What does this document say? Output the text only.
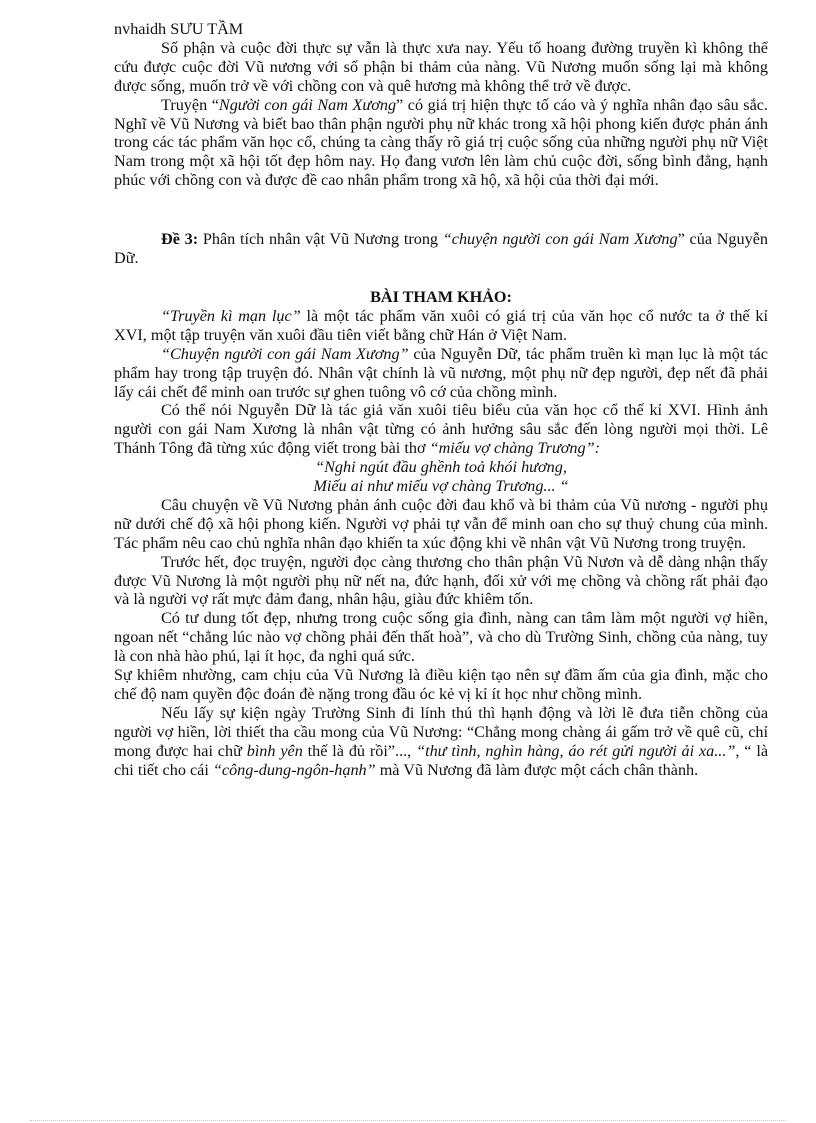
nvhaidh SƯU TẦM

Số phận và cuộc đời thực sự vẫn là thực xưa nay. Yếu tố hoang đường truyền kì không thể cứu được cuộc đời Vũ nương với số phận bi thảm của nàng. Vũ Nương muốn sống lại mà không được sống, muốn trở về với chồng con và quê hương mà không thể trở về được.

Truyện “Người con gái Nam Xương” có giá trị hiện thực tố cáo và ý nghĩa nhân đạo sâu sắc. Nghĩ về Vũ Nương và biết bao thân phận người phụ nữ khác trong xã hội phong kiến được phản ánh trong các tác phẩm văn học cổ, chúng ta càng thấy rõ giá trị cuộc sống của những người phụ nữ Việt Nam trong một xã hội tốt đẹp hôm nay. Họ đang vươn lên làm chủ cuộc đời, sống bình đẳng, hạnh phúc với chồng con và được đề cao nhân phẩm trong xã hộ, xã hội của thời đại mới.

Đề 3: Phân tích nhân vật Vũ Nương trong “chuyện người con gái Nam Xương” của Nguyễn Dữ.

BÀI THAM KHẢO:

“Truyền kì mạn lục” là một tác phẩm văn xuôi có giá trị của văn học cổ nước ta ở thế kỉ XVI, một tập truyện văn xuôi đầu tiên viết bằng chữ Hán ở Việt Nam.

“Chuyện người con gái Nam Xương” của Nguyễn Dữ, tác phẩm truền kì mạn lục là một tác phẩm hay trong tập truyện đó. Nhân vật chính là vũ nương, một phụ nữ đẹp người, đẹp nết đã phải lấy cái chết để minh oan trước sự ghen tuông vô cớ của chồng mình.

Có thể nói Nguyễn Dữ là tác giả văn xuôi tiêu biểu của văn học cổ thế kỉ XVI. Hình ảnh người con gái Nam Xương là nhân vật từng có ảnh hưởng sâu sắc đến lòng người mọi thời. Lê Thánh Tông đã từng xúc động viết trong bài thơ “miếu vợ chàng Trương”:

“Nghi ngút đầu ghềnh toả khói hương,

Miếu ai như miếu vợ chàng Trương... “

Câu chuyện về Vũ Nương phản ánh cuộc đời đau khổ và bi thảm của Vũ nương - người phụ nữ dưới chế độ xã hội phong kiến. Người vợ phải tự vẫn để minh oan cho sự thuỷ chung của mình. Tác phẩm nêu cao chủ nghĩa nhân đạo khiến ta xúc động khi về nhân vật Vũ Nương trong truyện.

Trước hết, đọc truyện, người đọc càng thương cho thân phận Vũ Nươn và dễ dàng nhận thấy được Vũ Nương là một người phụ nữ nết na, đức hạnh, đối xử với mẹ chồng và chồng rất phải đạo và là người vợ rất mực đảm đang, nhân hậu, giàu đức khiêm tốn.

Có tư dung tốt đẹp, nhưng trong cuộc sống gia đình, nàng can tâm làm một người vợ hiền, ngoan nết “chẳng lúc nào vợ chồng phải đến thất hoà”, và cho dù Trường Sinh, chồng của nàng, tuy là con nhà hào phú, lại ít học, đa nghi quá sức.

Sự khiêm nhường, cam chịu của Vũ Nương là điều kiện tạo nên sự đầm ấm của gia đình, mặc cho chế độ nam quyền độc đoán đè nặng trong đầu óc kẻ vị kỉ ít học như chồng mình.

Nếu lấy sự kiện ngày Trường Sinh đi lính thú thì hạnh động và lời lẽ đưa tiễn chồng của người vợ hiền, lời thiết tha cầu mong của Vũ Nương: “Chẳng mong chàng ái gấm trở về quê cũ, chỉ mong được hai chữ bình yên thế là đủ rồi”..., “thư tình, nghìn hàng, áo rét gửi người ải xa...”, “ là chi tiết cho cái “công-dung-ngôn-hạnh” mà Vũ Nương đã làm được một cách chân thành.
